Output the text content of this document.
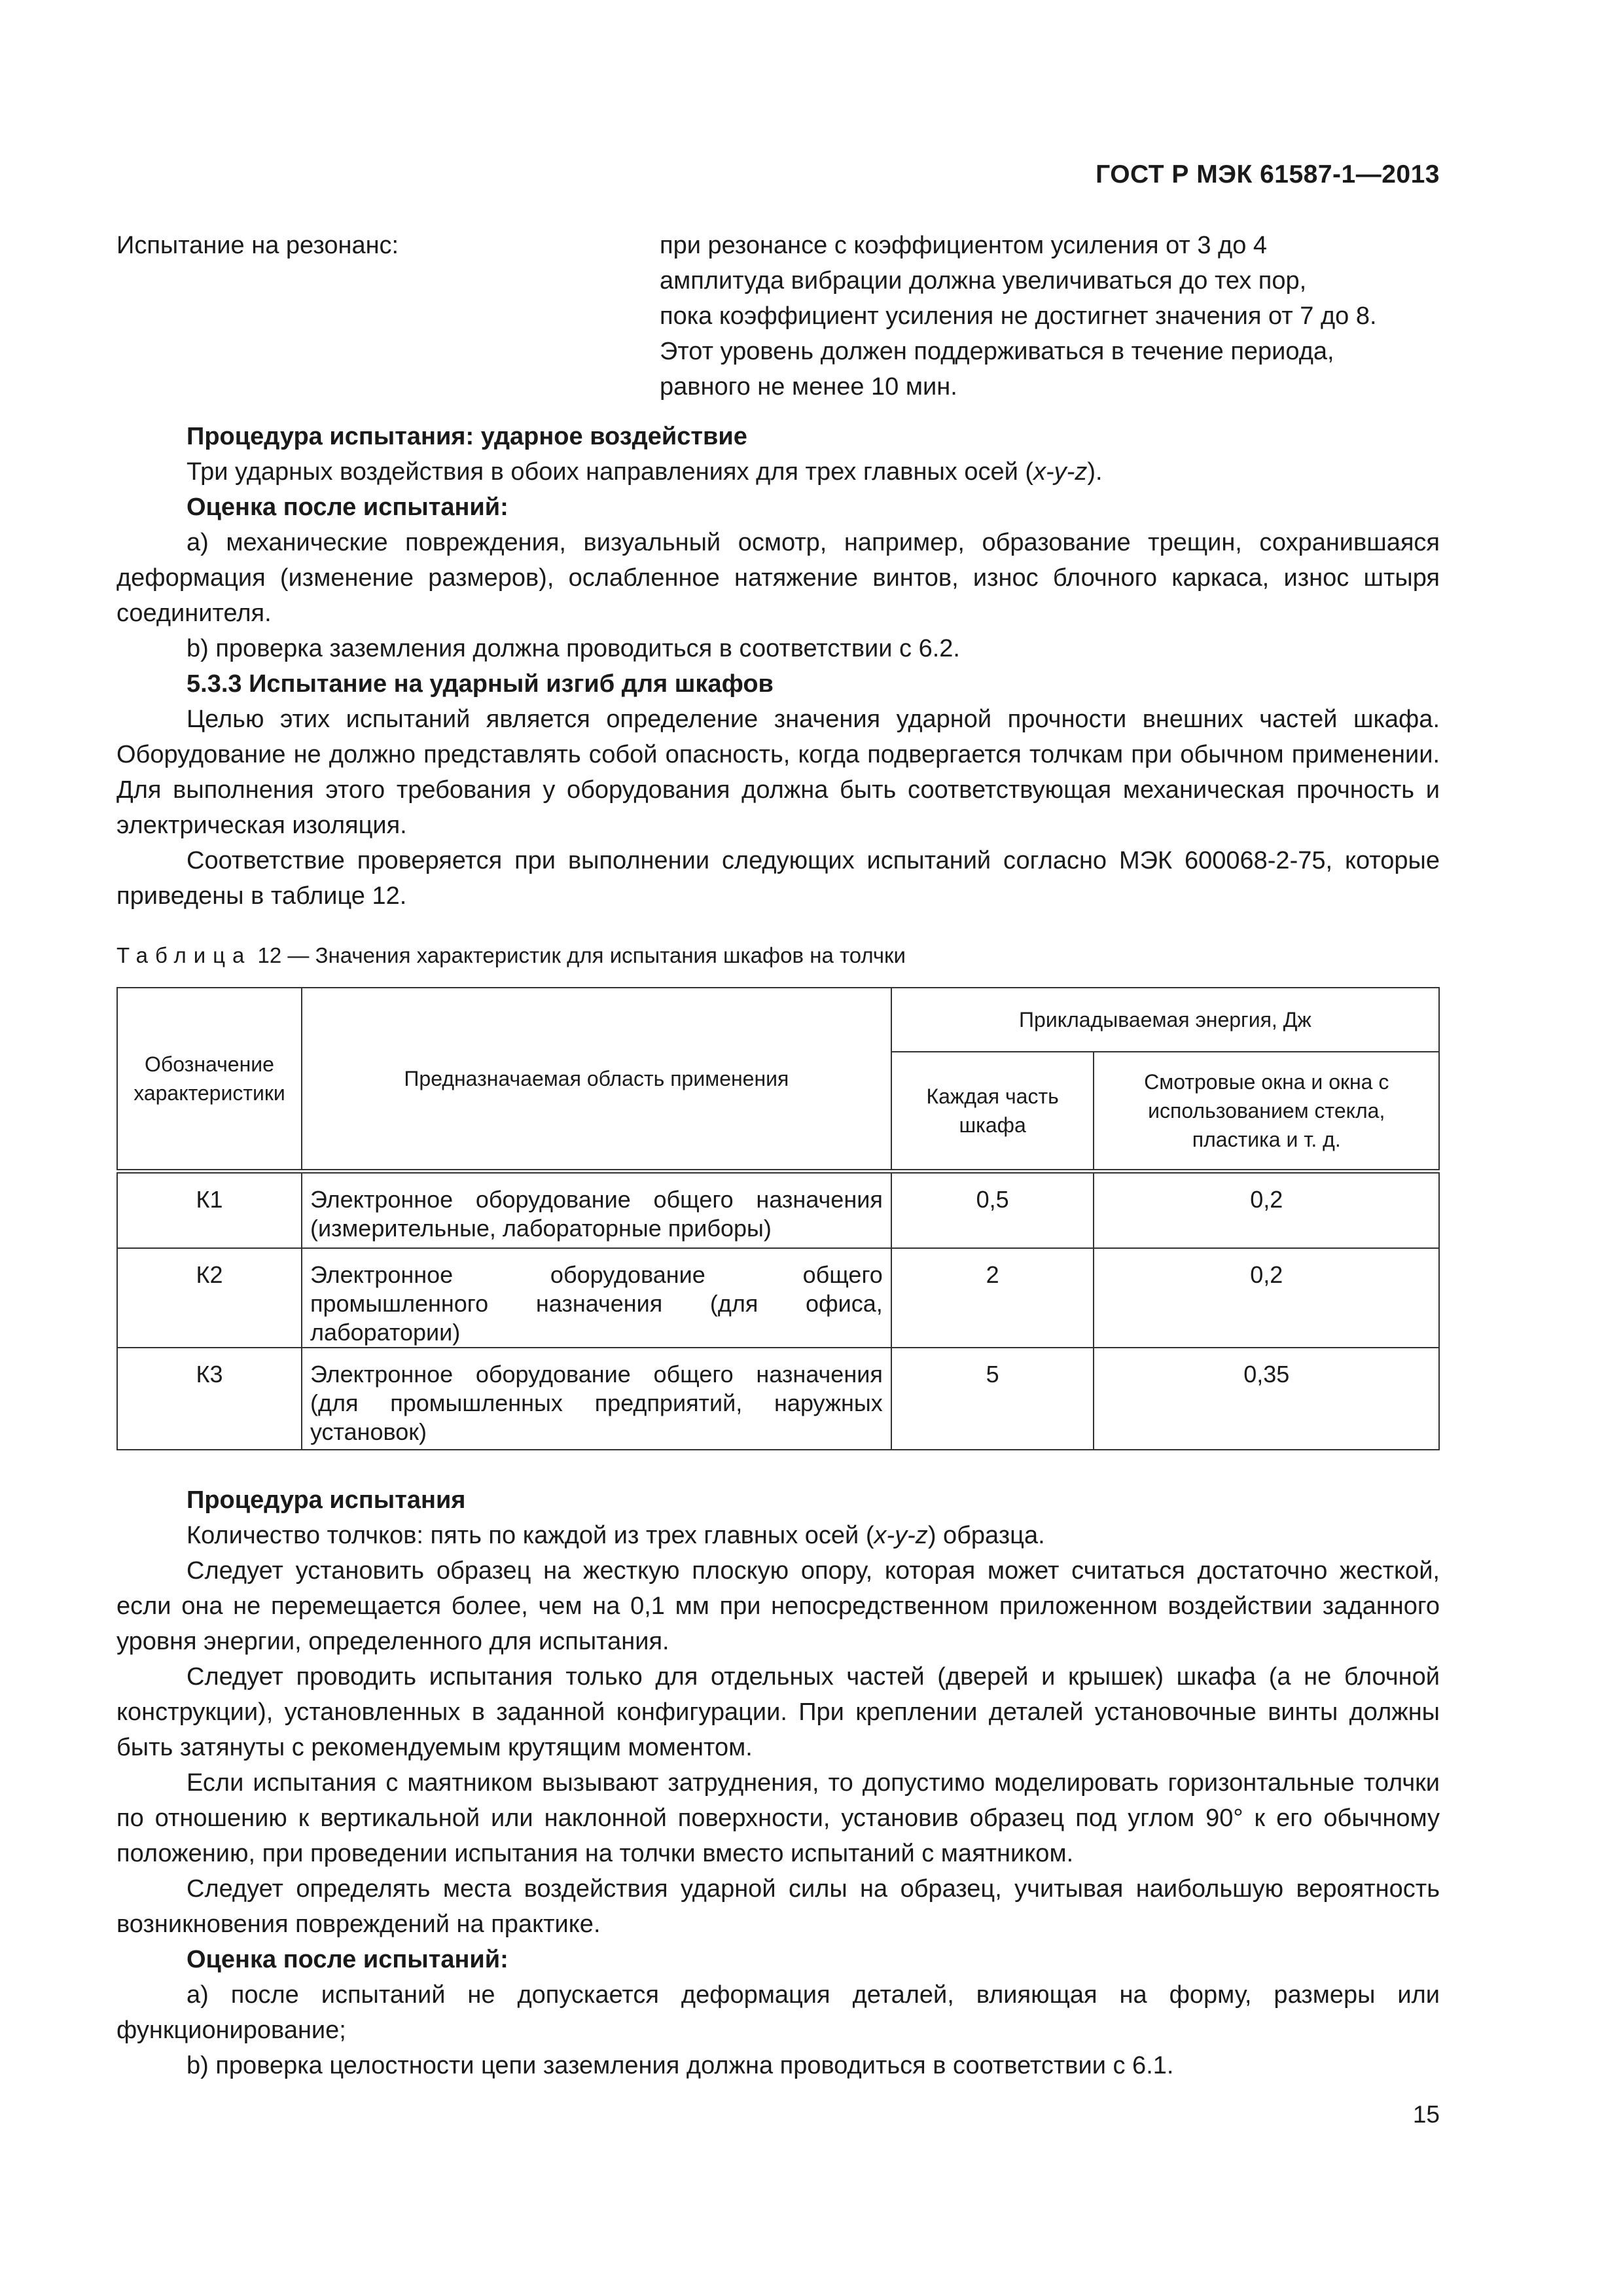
ГОСТ Р МЭК 61587-1—2013
Испытание на резонанс:	при резонансе с коэффициентом усиления от 3 до 4
амплитуда вибрации должна увеличиваться до тех пор,
пока коэффициент усиления не достигнет значения от 7 до 8.
Этот уровень должен поддерживаться в течение периода,
равного не менее 10 мин.

Процедура испытания: ударное воздействие

Три ударных воздействия в обоих направлениях для трех главных осей (x-y-z).

Оценка после испытаний:

a) механические повреждения, визуальный осмотр, например, образование трещин, сохранившаяся деформация (изменение размеров), ослабленное натяжение винтов, износ блочного каркаса, износ штыря соединителя.

b) проверка заземления должна проводиться в соответствии с 6.2.

5.3.3 Испытание на ударный изгиб для шкафов

Целью этих испытаний является определение значения ударной прочности внешних частей шкафа. Оборудование не должно представлять собой опасность, когда подвергается толчкам при обычном применении. Для выполнения этого требования у оборудования должна быть соответствующая механическая прочность и электрическая изоляция.

Соответствие проверяется при выполнении следующих испытаний согласно МЭК 600068-2-75, которые приведены в таблице 12.

Таблица 12 — Значения характеристик для испытания шкафов на толчки
Обозначение характеристики	Предназначаемая область применения	Прикладываемая энергия, Дж	
		Каждая часть шкафа	Смотровые окна и окна с использованием стекла, пластика и т. д.
К1	Электронное оборудование общего назначения (измерительные, лабораторные приборы)	0,5	0,2
К2	Электронное оборудование общего промышленного назначения (для офиса, лаборатории)	2	0,2
К3	Электронное оборудование общего назначения (для промышленных предприятий, наружных установок)	5	0,35

Процедура испытания

Количество толчков: пять по каждой из трех главных осей (x-y-z) образца.

Следует установить образец на жесткую плоскую опору, которая может считаться достаточно жесткой, если она не перемещается более, чем на 0,1 мм при непосредственном приложенном воздействии заданного уровня энергии, определенного для испытания.

Следует проводить испытания только для отдельных частей (дверей и крышек) шкафа (а не блочной конструкции), установленных в заданной конфигурации. При креплении деталей установочные винты должны быть затянуты с рекомендуемым крутящим моментом.

Если испытания с маятником вызывают затруднения, то допустимо моделировать горизонтальные толчки по отношению к вертикальной или наклонной поверхности, установив образец под углом 90° к его обычному положению, при проведении испытания на толчки вместо испытаний с маятником.

Следует определять места воздействия ударной силы на образец, учитывая наибольшую вероятность возникновения повреждений на практике.

Оценка после испытаний:

a) после испытаний не допускается деформация деталей, влияющая на форму, размеры или функционирование;

b) проверка целостности цепи заземления должна проводиться в соответствии с 6.1.

15
